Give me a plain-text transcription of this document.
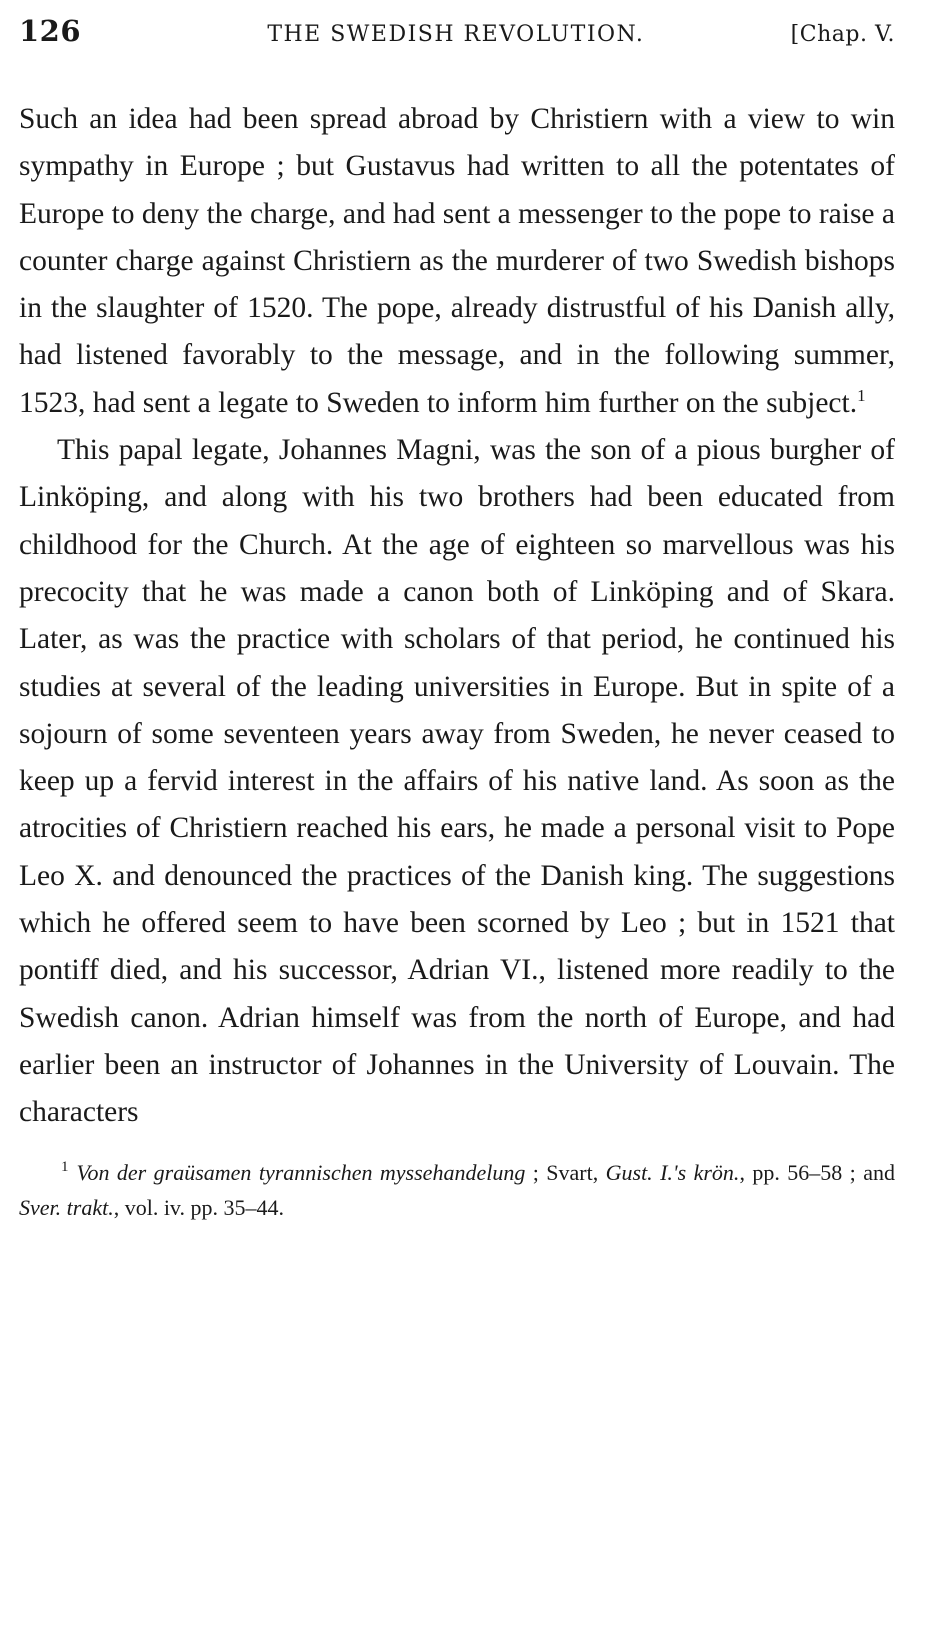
126	THE SWEDISH REVOLUTION.	[Chap. V.

Such an idea had been spread abroad by Christiern with a view to win sympathy in Europe ; but Gustavus had written to all the potentates of Europe to deny the charge, and had sent a messenger to the pope to raise a counter charge against Christiern as the murderer of two Swedish bishops in the slaughter of 1520. The pope, already distrustful of his Danish ally, had listened favorably to the message, and in the following summer, 1523, had sent a legate to Sweden to inform him further on the subject.$^1$

This papal legate, Johannes Magni, was the son of a pious burgher of Linköping, and along with his two brothers had been educated from childhood for the Church. At the age of eighteen so marvellous was his precocity that he was made a canon both of Linköping and of Skara. Later, as was the practice with scholars of that period, he continued his studies at several of the leading universities in Europe. But in spite of a sojourn of some seventeen years away from Sweden, he never ceased to keep up a fervid interest in the affairs of his native land. As soon as the atrocities of Christiern reached his ears, he made a personal visit to Pope Leo X. and denounced the practices of the Danish king. The suggestions which he offered seem to have been scorned by Leo ; but in 1521 that pontiff died, and his successor, Adrian VI., listened more readily to the Swedish canon. Adrian himself was from the north of Europe, and had earlier been an instructor of Johannes in the University of Louvain. The characters

$^1$ Von der graüsamen tyrannischen myssehandelung ; Svart, Gust. I.'s krön., pp. 56–58 ; and Sver. trakt., vol. iv. pp. 35–44.
